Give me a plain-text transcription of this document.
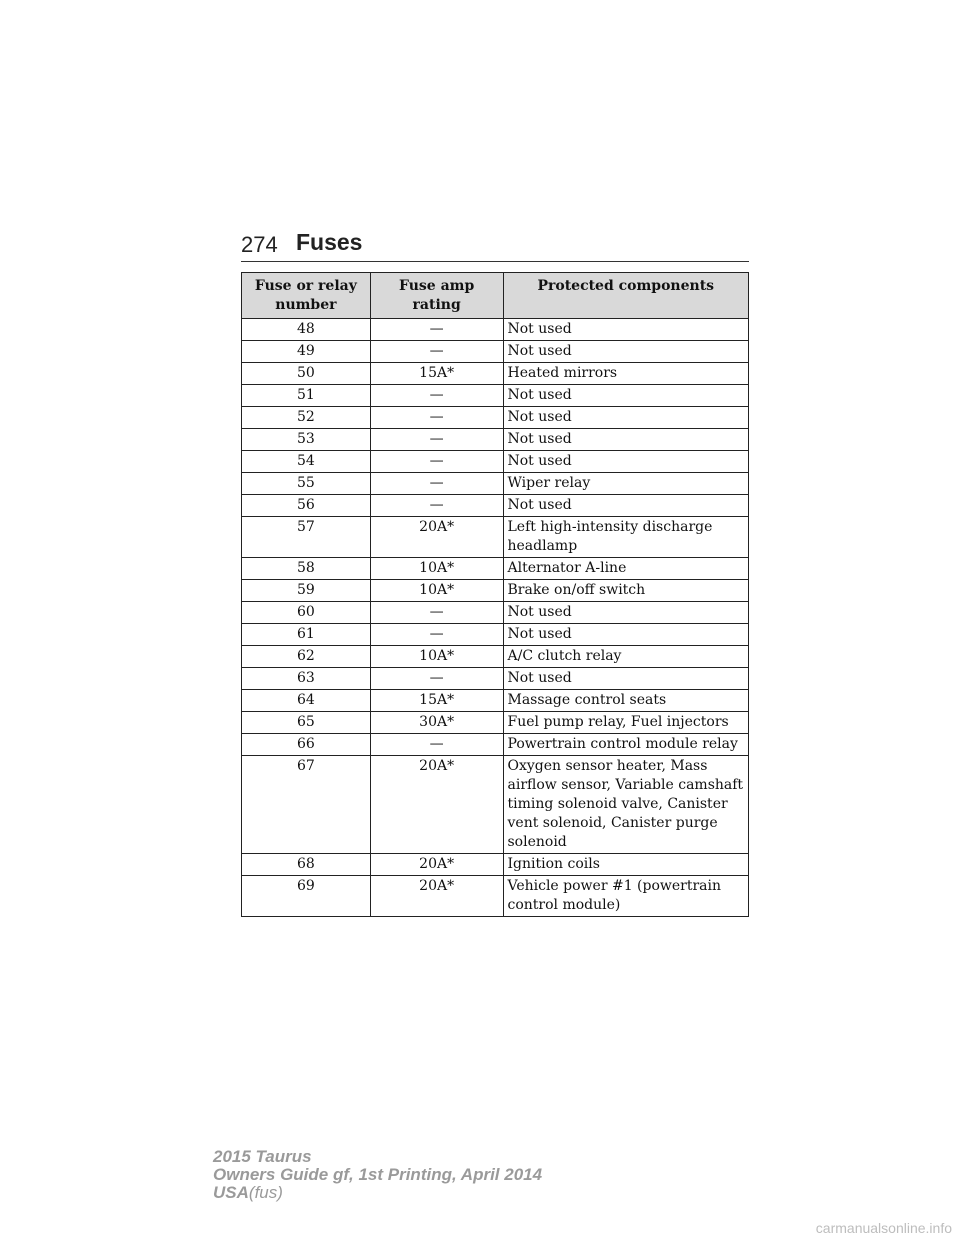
274 Fuses
Fuse or relay number	Fuse amp rating	Protected components
48	—	Not used
49	—	Not used
50	15A*	Heated mirrors
51	—	Not used
52	—	Not used
53	—	Not used
54	—	Not used
55	—	Wiper relay
56	—	Not used
57	20A*	Left high-intensity discharge headlamp
58	10A*	Alternator A-line
59	10A*	Brake on/off switch
60	—	Not used
61	—	Not used
62	10A*	A/C clutch relay
63	—	Not used
64	15A*	Massage control seats
65	30A*	Fuel pump relay, Fuel injectors
66	—	Powertrain control module relay
67	20A*	Oxygen sensor heater, Mass airflow sensor, Variable camshaft timing solenoid valve, Canister vent solenoid, Canister purge solenoid
68	20A*	Ignition coils
69	20A*	Vehicle power #1 (powertrain control module)
2015 Taurus
Owners Guide gf, 1st Printing, April 2014
USA(fus)
carmanualsonline.info
